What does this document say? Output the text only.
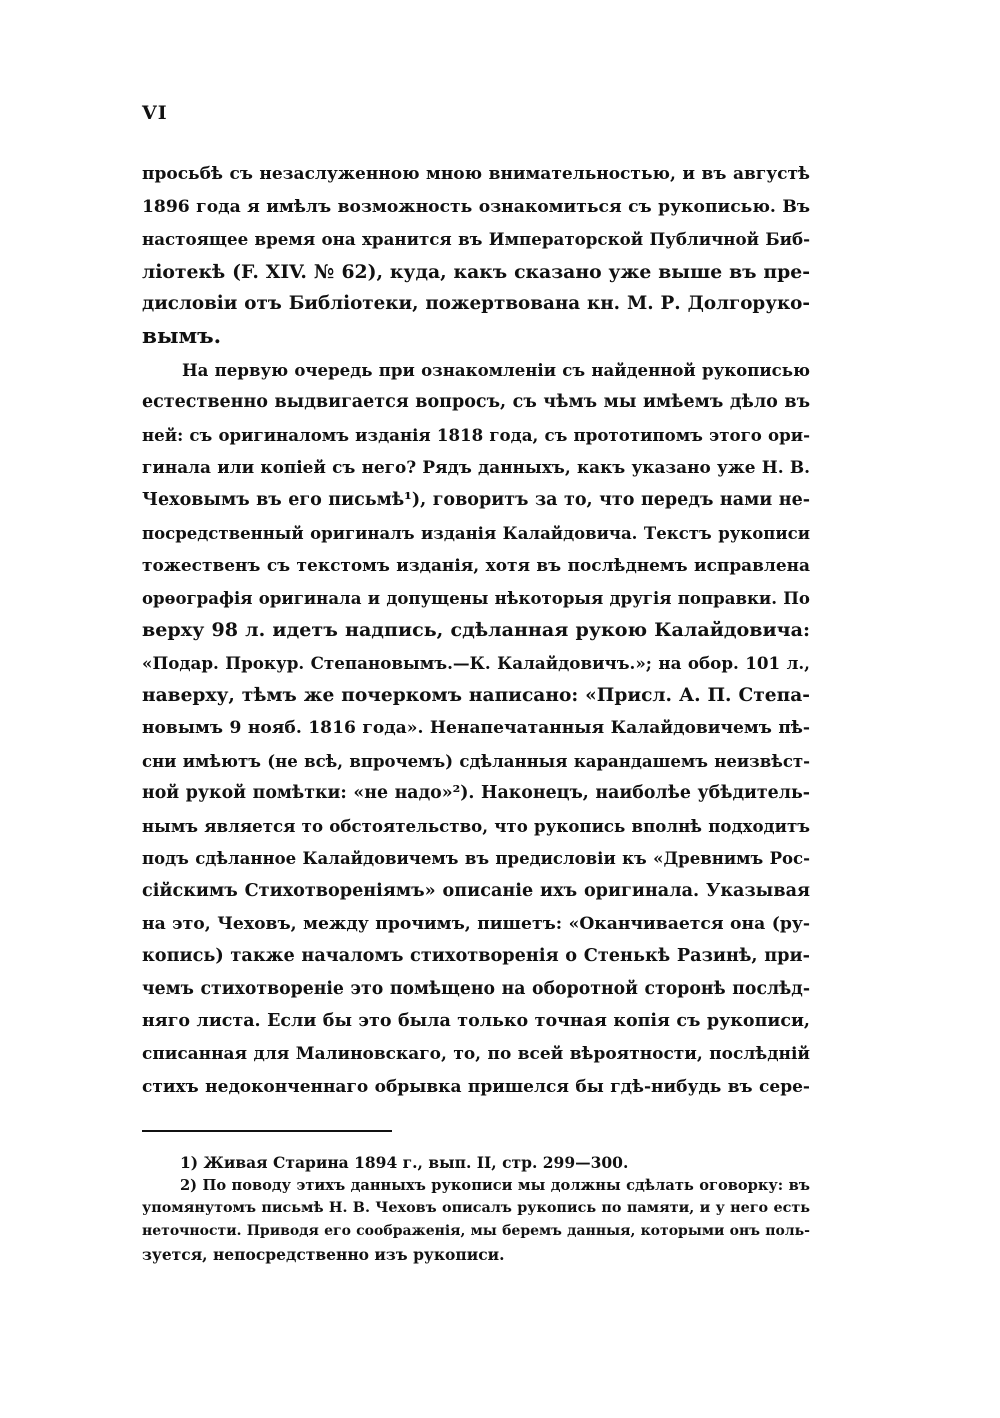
VI
просьбѣ съ незаслуженною мною внимательностью, и въ августѣ
1896 года я имѣлъ возможность ознакомиться съ рукописью. Въ
настоящее время она хранится въ Императорской Публичной Биб-
ліотекѣ (F. XIV. № 62), куда, какъ сказано уже выше въ пре-
дисловіи отъ Библіотеки, пожертвована кн. М. Р. Долгоруко-
вымъ.
На первую очередь при ознакомленіи съ найденной рукописью
естественно выдвигается вопросъ, съ чѣмъ мы имѣемъ дѣло въ
ней: съ оригиналомъ изданія 1818 года, съ прототипомъ этого ори-
гинала или копіей съ него? Рядъ данныхъ, какъ указано уже Н. В.
Чеховымъ въ его письмѣ¹), говоритъ за то, что передъ нами не-
посредственный оригиналъ изданія Калайдовича. Текстъ рукописи
тожественъ съ текстомъ изданія, хотя въ послѣднемъ исправлена
орѳографія оригинала и допущены нѣкоторыя другія поправки. По
верху 98 л. идетъ надпись, сдѣланная рукою Калайдовича:
«Подар. Прокур. Степановымъ.—К. Калайдовичъ.»; на обор. 101 л.,
наверху, тѣмъ же почеркомъ написано: «Присл. А. П. Степа-
новымъ 9 нояб. 1816 года». Ненапечатанныя Калайдовичемъ пѣ-
сни имѣютъ (не всѣ, впрочемъ) сдѣланныя карандашемъ неизвѣст-
ной рукой помѣтки: «не надо»²). Наконецъ, наиболѣе убѣдитель-
нымъ является то обстоятельство, что рукопись вполнѣ подходитъ
подъ сдѣланное Калайдовичемъ въ предисловіи къ «Древнимъ Рос-
сійскимъ Стихотвореніямъ» описаніе ихъ оригинала. Указывая
на это, Чеховъ, между прочимъ, пишетъ: «Оканчивается она (ру-
копись) также началомъ стихотворенія о Стенькѣ Разинѣ, при-
чемъ стихотвореніе это помѣщено на оборотной сторонѣ послѣд-
няго листа. Если бы это была только точная копія съ рукописи,
списанная для Малиновскаго, то, по всей вѣроятности, послѣдній
стихъ недоконченнаго обрывка пришелся бы гдѣ-нибудь въ сере-
1) Живая Старина 1894 г., вып. II, стр. 299—300.
2) По поводу этихъ данныхъ рукописи мы должны сдѣлать оговорку: въ
упомянутомъ письмѣ Н. В. Чеховъ описалъ рукопись по памяти, и у него есть
неточности. Приводя его соображенія, мы беремъ данныя, которыми онъ поль-
зуется, непосредственно изъ рукописи.
